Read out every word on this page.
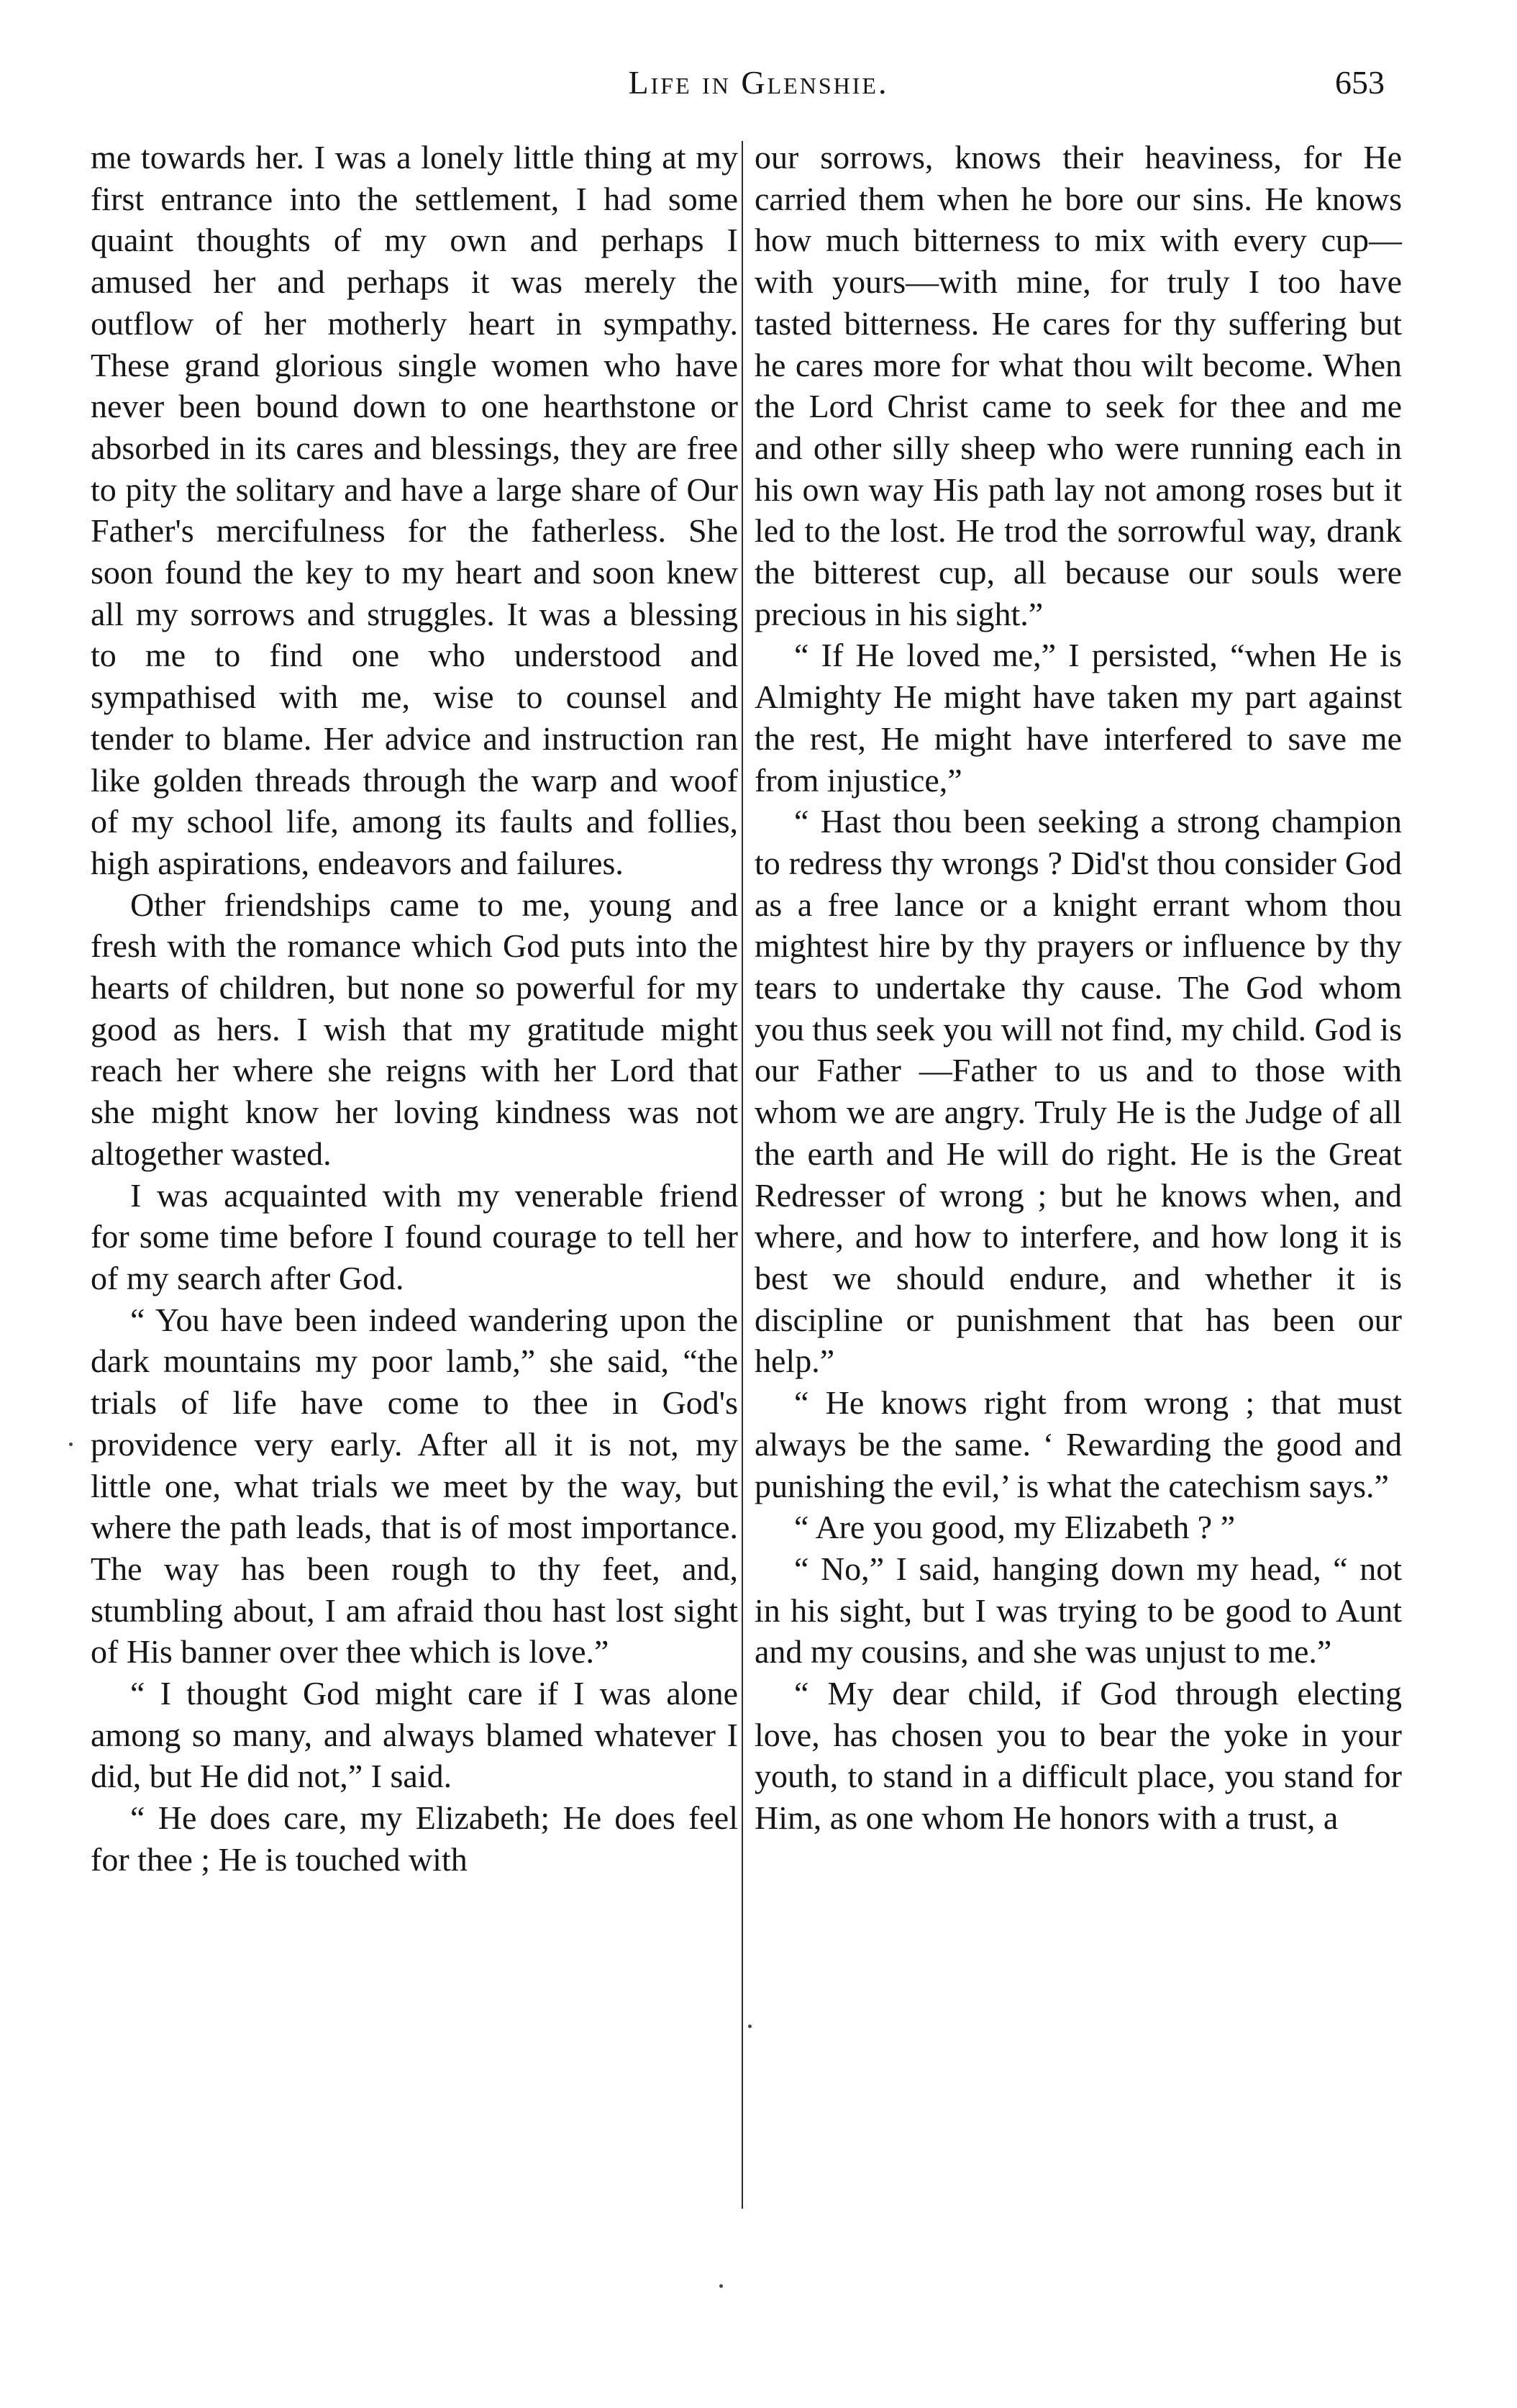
Life in Glenshie.	653

me towards her. I was a lonely little thing at my first entrance into the settlement, I had some quaint thoughts of my own and perhaps I amused her and perhaps it was merely the outflow of her motherly heart in sympathy. These grand glorious single women who have never been bound down to one hearthstone or absorbed in its cares and blessings, they are free to pity the solitary and have a large share of Our Father's mercifulness for the fatherless. She soon found the key to my heart and soon knew all my sorrows and struggles. It was a blessing to me to find one who understood and sympathised with me, wise to counsel and tender to blame. Her advice and instruction ran like golden threads through the warp and woof of my school life, among its faults and follies, high aspirations, endeavors and failures.

Other friendships came to me, young and fresh with the romance which God puts into the hearts of children, but none so powerful for my good as hers. I wish that my gratitude might reach her where she reigns with her Lord that she might know her loving kindness was not altogether wasted.

I was acquainted with my venerable friend for some time before I found courage to tell her of my search after God.

“ You have been indeed wandering upon the dark mountains my poor lamb,” she said, “the trials of life have come to thee in God's providence very early. After all it is not, my little one, what trials we meet by the way, but where the path leads, that is of most importance. The way has been rough to thy feet, and, stumbling about, I am afraid thou hast lost sight of His banner over thee which is love.”

“ I thought God might care if I was alone among so many, and always blamed whatever I did, but He did not,” I said.

“ He does care, my Elizabeth; He does feel for thee ; He is touched with

our sorrows, knows their heaviness, for He carried them when he bore our sins. He knows how much bitterness to mix with every cup—with yours—with mine, for truly I too have tasted bitterness. He cares for thy suffering but he cares more for what thou wilt become. When the Lord Christ came to seek for thee and me and other silly sheep who were running each in his own way His path lay not among roses but it led to the lost. He trod the sorrowful way, drank the bitterest cup, all because our souls were precious in his sight.”

“ If He loved me,” I persisted, “when He is Almighty He might have taken my part against the rest, He might have interfered to save me from injustice,”

“ Hast thou been seeking a strong champion to redress thy wrongs ? Did'st thou consider God as a free lance or a knight errant whom thou mightest hire by thy prayers or influence by thy tears to undertake thy cause. The God whom you thus seek you will not find, my child. God is our Father —Father to us and to those with whom we are angry. Truly He is the Judge of all the earth and He will do right. He is the Great Redresser of wrong ; but he knows when, and where, and how to interfere, and how long it is best we should endure, and whether it is discipline or punishment that has been our help.”

“ He knows right from wrong ; that must always be the same. ‘ Rewarding the good and punishing the evil,’ is what the catechism says.”

“ Are you good, my Elizabeth ? ”

“ No,” I said, hanging down my head, “ not in his sight, but I was trying to be good to Aunt and my cousins, and she was unjust to me.”

“ My dear child, if God through electing love, has chosen you to bear the yoke in your youth, to stand in a difficult place, you stand for Him, as one whom He honors with a trust, a
